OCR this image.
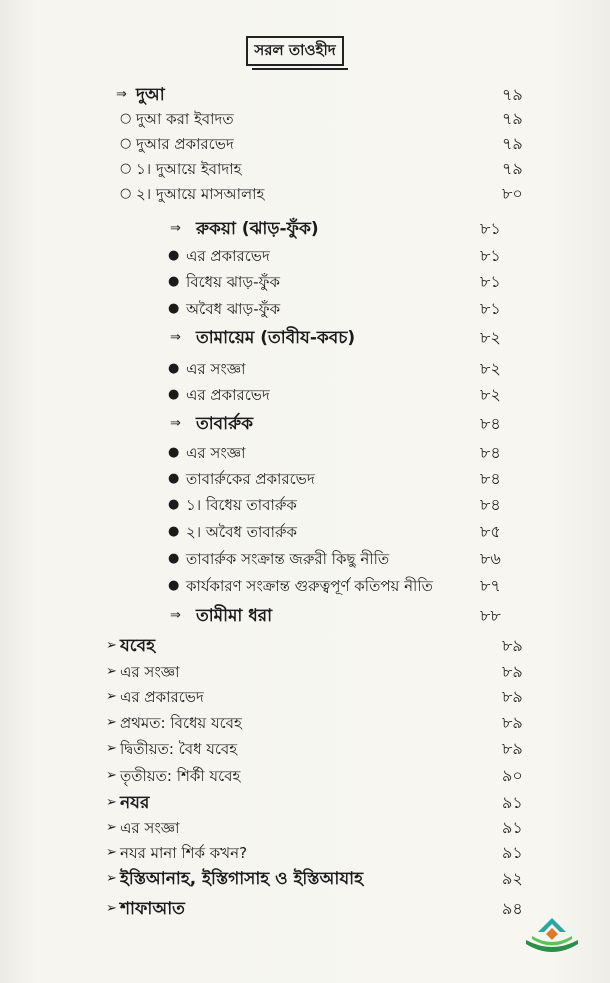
সরল তাওহীদ
⇒ দুআ	৭৯
○ দুআ করা ইবাদত	৭৯
○ দুআর প্রকারভেদ	৭৯
○ ১। দুআয়ে ইবাদাহ	৭৯
○ ২। দুআয়ে মাসআলাহ	৮০
⇒ রুকয়া (ঝাড়-ফুঁক)	৮১
● এর প্রকারভেদ	৮১
● বিধেয় ঝাড়-ফুঁক	৮১
● অবৈধ ঝাড়-ফুঁক	৮১
⇒ তামায়েম (তাবীয-কবচ)	৮২
● এর সংজ্ঞা	৮২
● এর প্রকারভেদ	৮২
⇒ তাবার্রুক	৮৪
● এর সংজ্ঞা	৮৪
● তাবার্রুকের প্রকারভেদ	৮৪
● ১। বিধেয় তাবার্রুক	৮৪
● ২। অবৈধ তাবার্রুক	৮৫
● তাবার্রুক সংক্রান্ত জরুরী কিছু নীতি	৮৬
● কার্যকারণ সংক্রান্ত গুরুত্বপূর্ণ কতিপয় নীতি	৮৭
⇒ তামীমা ধরা	৮৮
➢ যবেহ	৮৯
➢ এর সংজ্ঞা	৮৯
➢ এর প্রকারভেদ	৮৯
➢ প্রথমত: বিধেয় যবেহ	৮৯
➢ দ্বিতীয়ত: বৈধ যবেহ	৮৯
➢ তৃতীয়ত: শির্কী যবেহ	৯০
➢ নযর	৯১
➢ এর সংজ্ঞা	৯১
➢ নযর মানা শির্ক কখন?	৯১
➢ ইস্তিআনাহ, ইস্তিগাসাহ ও ইস্তিআযাহ	৯২
➢ শাফাআত	৯৪
